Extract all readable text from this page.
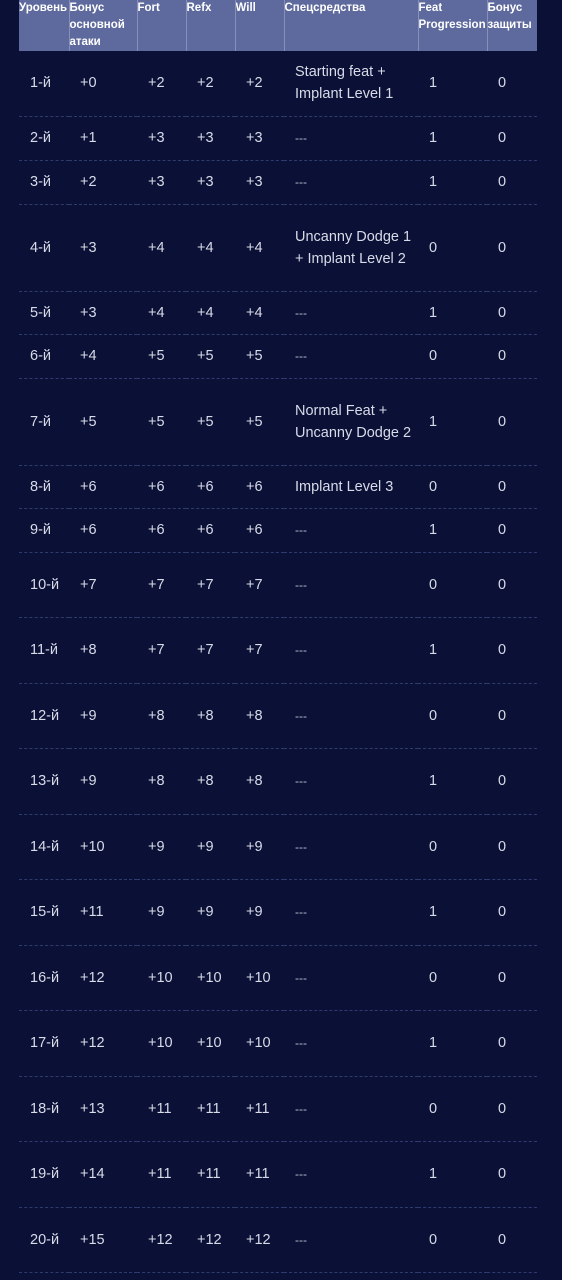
Уровень	Бонус основной атаки	Fort	Refx	Will	Спецсредства	Feat Progression	Бонус защиты

1-й	+0	+2	+2	+2	Starting feat + Implant Level 1	1	0
2-й	+1	+3	+3	+3	---	1	0
3-й	+2	+3	+3	+3	---	1	0
4-й	+3	+4	+4	+4	Uncanny Dodge 1 + Implant Level 2	0	0
5-й	+3	+4	+4	+4	---	1	0
6-й	+4	+5	+5	+5	---	0	0
7-й	+5	+5	+5	+5	Normal Feat + Uncanny Dodge 2	1	0
8-й	+6	+6	+6	+6	Implant Level 3	0	0
9-й	+6	+6	+6	+6	---	1	0
10-й	+7	+7	+7	+7	---	0	0
11-й	+8	+7	+7	+7	---	1	0
12-й	+9	+8	+8	+8	---	0	0
13-й	+9	+8	+8	+8	---	1	0
14-й	+10	+9	+9	+9	---	0	0
15-й	+11	+9	+9	+9	---	1	0
16-й	+12	+10	+10	+10	---	0	0
17-й	+12	+10	+10	+10	---	1	0
18-й	+13	+11	+11	+11	---	0	0
19-й	+14	+11	+11	+11	---	1	0
20-й	+15	+12	+12	+12	---	0	0
